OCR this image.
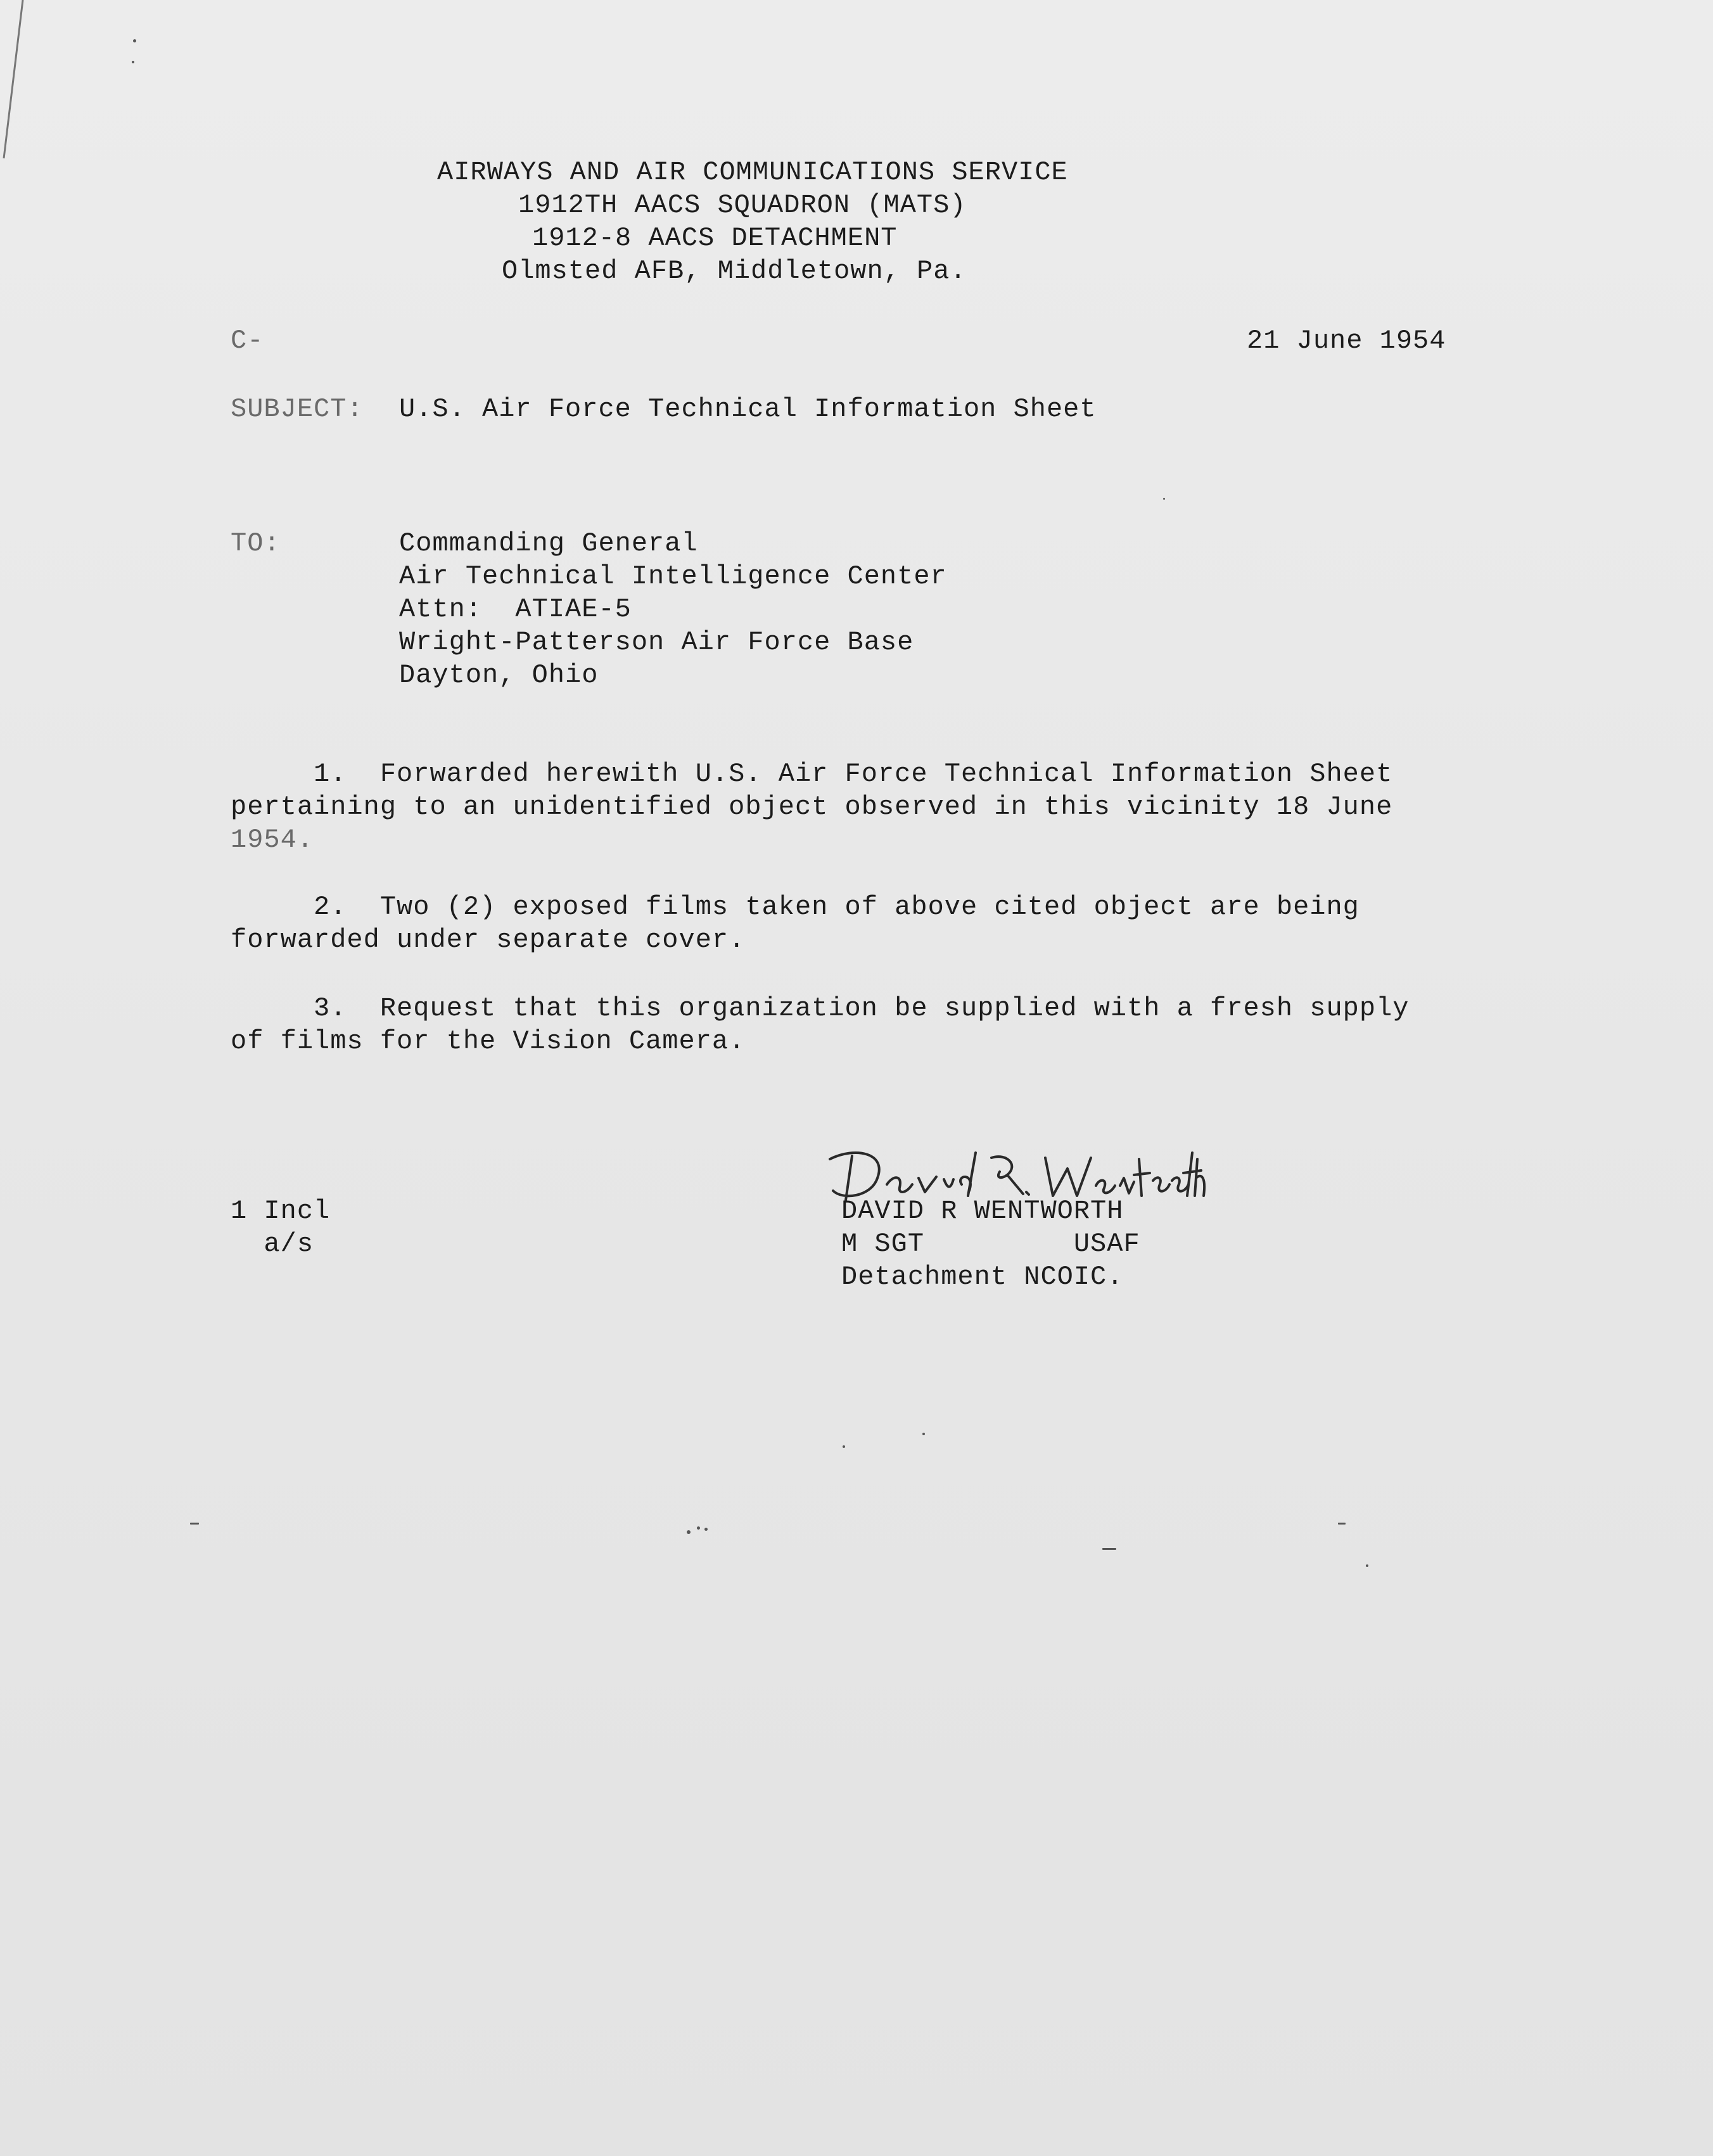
AIRWAYS AND AIR COMMUNICATIONS SERVICE
1912TH AACS SQUADRON (MATS)
1912-8 AACS DETACHMENT
Olmsted AFB, Middletown, Pa.
C-	21 June 1954
SUBJECT: U.S. Air Force Technical Information Sheet
TO:	Commanding General
Air Technical Intelligence Center
Attn:  ATIAE-5
Wright-Patterson Air Force Base
Dayton, Ohio
1.  Forwarded herewith U.S. Air Force Technical Information Sheet
pertaining to an unidentified object observed in this vicinity 18 June
1954.
2.  Two (2) exposed films taken of above cited object are being
forwarded under separate cover.
3.  Request that this organization be supplied with a fresh supply
of films for the Vision Camera.
1 Incl
a/s
DAVID R WENTWORTH
M SGT         USAF
Detachment NCOIC.
